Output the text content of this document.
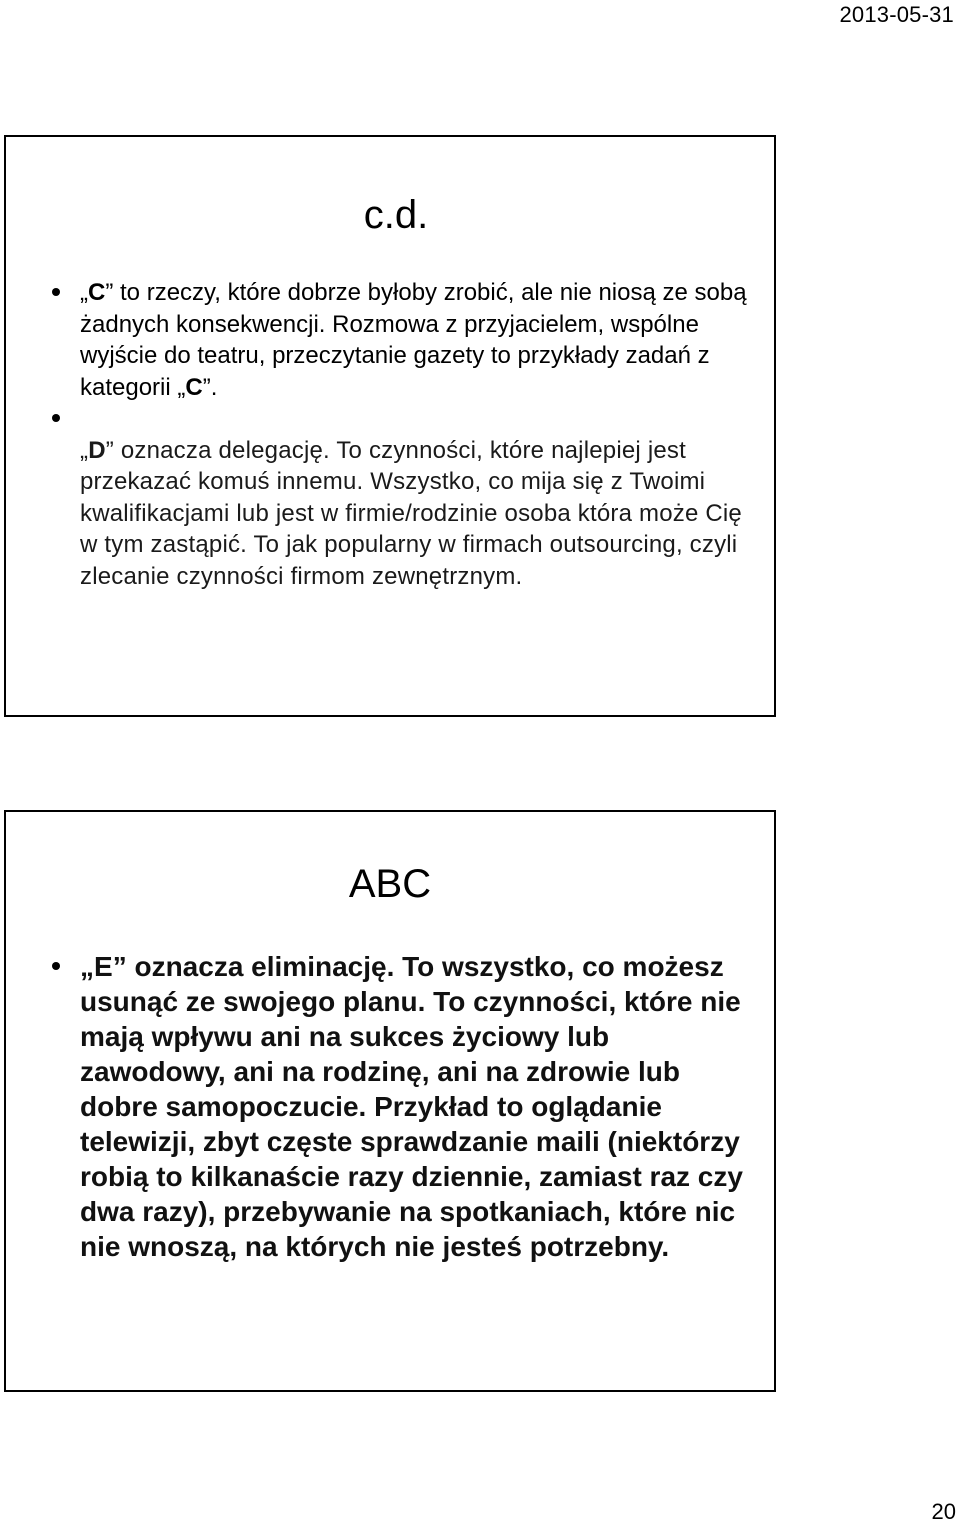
2013-05-31
c.d.
„C” to rzeczy, które dobrze byłoby zrobić, ale nie niosą ze sobą żadnych konsekwencji. Rozmowa z przyjacielem, wspólne wyjście do teatru, przeczytanie gazety to przykłady zadań z kategorii „C”.
„D” oznacza delegację. To czynności, które najlepiej jest przekazać komuś innemu. Wszystko, co mija się z Twoimi kwalifikacjami lub jest w firmie/rodzinie osoba która może Cię w tym zastąpić. To jak popularny w firmach outsourcing, czyli zlecanie czynności firmom zewnętrznym.
ABC
„E” oznacza eliminację. To wszystko, co możesz usunąć ze swojego planu. To czynności, które nie mają wpływu ani na sukces życiowy lub zawodowy, ani na rodzinę, ani na zdrowie lub dobre samopoczucie. Przykład to oglądanie telewizji, zbyt częste sprawdzanie maili (niektórzy robią to kilkanaście razy dziennie, zamiast raz czy dwa razy), przebywanie na spotkaniach, które nic nie wnoszą, na których nie jesteś potrzebny.
20
